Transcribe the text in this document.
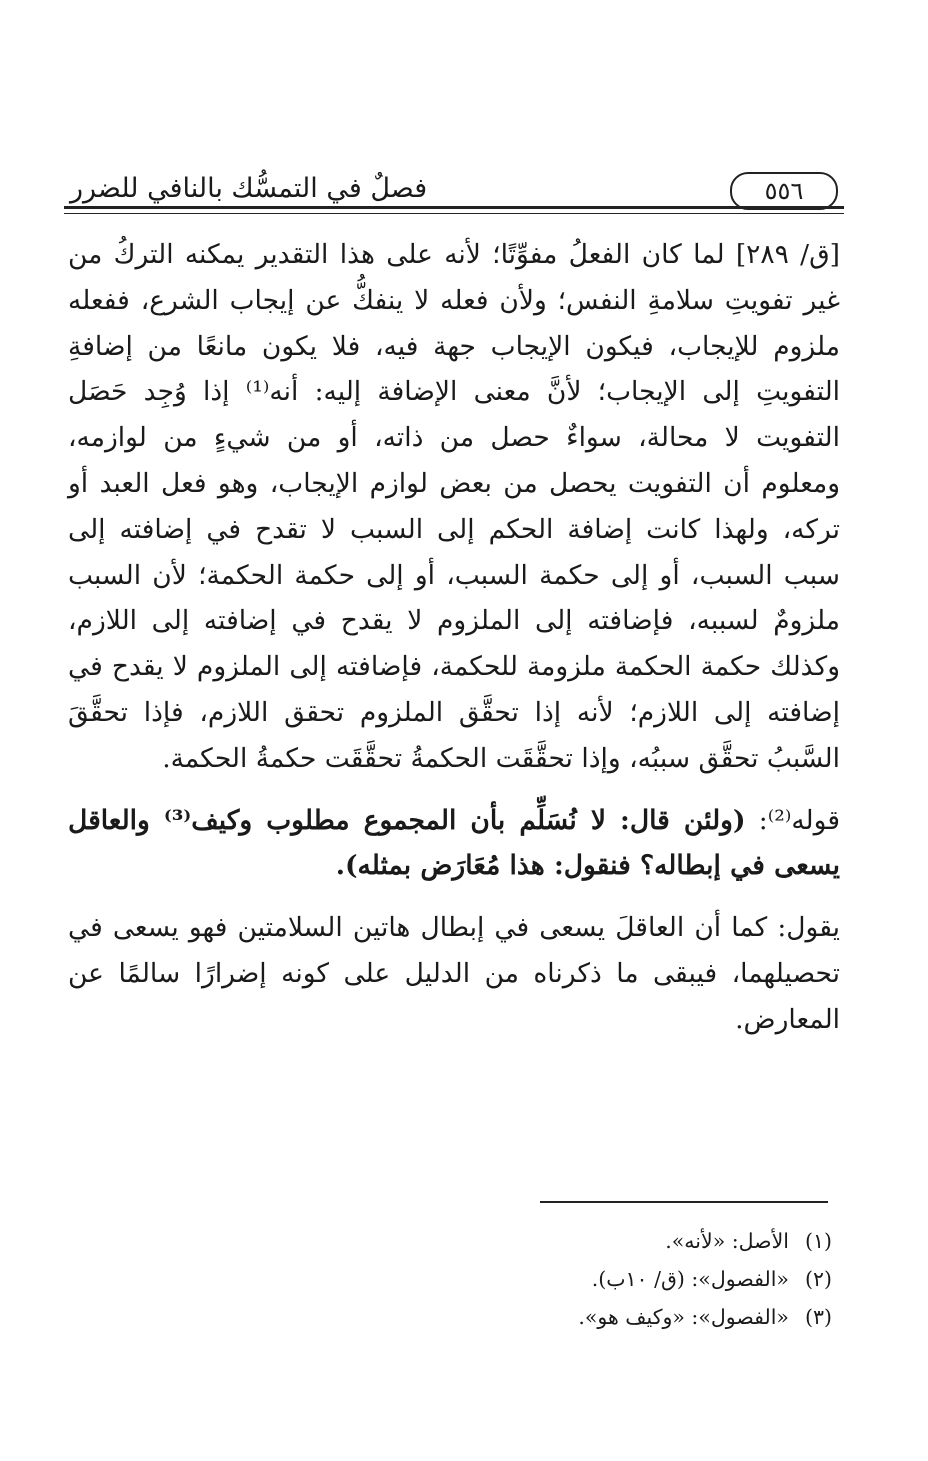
٥٥٦
فصلٌ في التمسُّك بالنافي للضرر

[ق/ ٢٨٩] لما كان الفعلُ مفوِّتًا؛ لأنه على هذا التقدير يمكنه التركُ من غير تفويتِ سلامةِ النفس؛ ولأن فعله لا ينفكُّ عن إيجاب الشرع، ففعله ملزوم للإيجاب، فيكون الإيجاب جهة فيه، فلا يكون مانعًا من إضافةِ التفويتِ إلى الإيجاب؛ لأنَّ معنى الإضافة إليه: أنه⁽¹⁾ إذا وُجِد حَصَل التفويت لا محالة، سواءٌ حصل من ذاته، أو من شيءٍ من لوازمه، ومعلوم أن التفويت يحصل من بعض لوازم الإيجاب، وهو فعل العبد أو تركه، ولهذا كانت إضافة الحكم إلى السبب لا تقدح في إضافته إلى سبب السبب، أو إلى حكمة السبب، أو إلى حكمة الحكمة؛ لأن السبب ملزومٌ لسببه، فإضافته إلى الملزوم لا يقدح في إضافته إلى اللازم، وكذلك حكمة الحكمة ملزومة للحكمة، فإضافته إلى الملزوم لا يقدح في إضافته إلى اللازم؛ لأنه إذا تحقَّق الملزوم تحقق اللازم، فإذا تحقَّقَ السَّببُ تحقَّق سببُه، وإذا تحقَّقَت الحكمةُ تحقَّقَت حكمةُ الحكمة.

قوله⁽²⁾: (ولئن قال: لا نُسَلِّم بأن المجموع مطلوب وكيف⁽³⁾ والعاقل يسعى في إبطاله؟ فنقول: هذا مُعَارَض بمثله).

يقول: كما أن العاقلَ يسعى في إبطال هاتين السلامتين فهو يسعى في تحصيلهما، فيبقى ما ذكرناه من الدليل على كونه إضرارًا سالمًا عن المعارض.

(١)الأصل: «لأنه».
(٢)«الفصول»: (ق/ ١٠ب).
(٣)«الفصول»: «وكيف هو».
